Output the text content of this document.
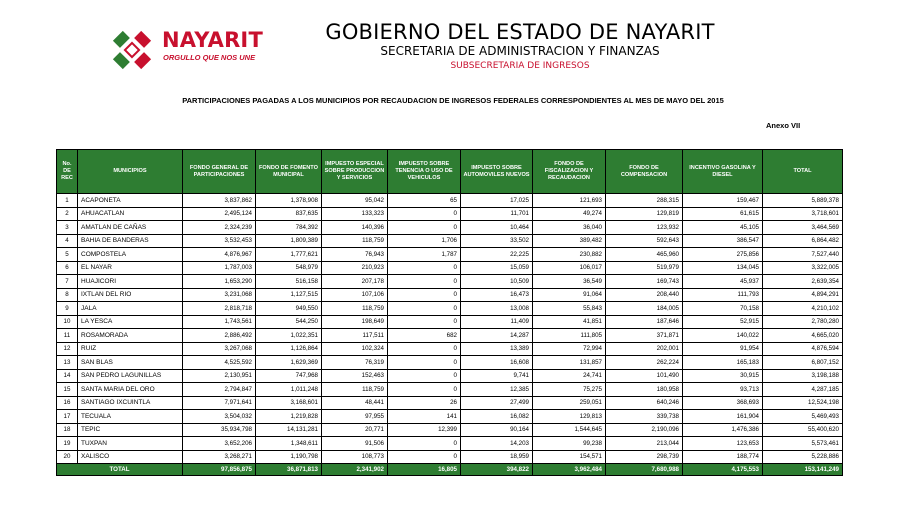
NAYARIT
ORGULLO QUE NOS UNE
GOBIERNO DEL ESTADO DE NAYARIT
SECRETARIA DE ADMINISTRACION Y FINANZAS
SUBSECRETARIA DE INGRESOS
PARTICIPACIONES PAGADAS A LOS MUNICIPIOS POR RECAUDACION DE INGRESOS FEDERALES CORRESPONDIENTES AL MES DE MAYO DEL 2015
Anexo VII
No. DE REC	MUNICIPIOS	FONDO GENERAL DE PARTICIPACIONES	FONDO DE FOMENTO MUNICIPAL	IMPUESTO ESPECIAL SOBRE PRODUCCION Y SERVICIOS	IMPUESTO SOBRE TENENCIA O USO DE VEHICULOS	IMPUESTO SOBRE AUTOMOVILES NUEVOS	FONDO DE FISCALIZACION Y RECAUDACION	FONDO DE COMPENSACION	INCENTIVO GASOLINA Y DIESEL	TOTAL
1	ACAPONETA	3,837,862	1,378,908	95,042	65	17,025	121,693	288,315	159,467	5,889,378
2	AHUACATLAN	2,495,124	837,635	133,323	0	11,701	49,274	129,819	61,615	3,718,601
3	AMATLAN DE CAÑAS	2,324,239	784,392	140,396	0	10,464	36,040	123,932	45,105	3,464,569
4	BAHIA DE BANDERAS	3,532,453	1,809,389	118,759	1,706	33,502	389,482	592,643	386,547	6,864,482
5	COMPOSTELA	4,876,967	1,777,621	76,943	1,787	22,225	230,882	465,960	275,856	7,527,440
6	EL NAYAR	1,787,003	548,979	210,923	0	15,059	106,017	519,979	134,045	3,322,005
7	HUAJICORI	1,653,290	516,158	207,178	0	10,509	36,549	169,743	45,937	2,639,354
8	IXTLAN DEL RIO	3,231,068	1,127,515	107,106	0	16,473	91,064	208,440	111,793	4,894,291
9	JALA	2,818,718	949,550	118,759	0	13,008	55,843	184,005	70,158	4,210,102
10	LA YESCA	1,743,561	544,250	198,649	0	11,409	41,851	187,646	52,915	2,780,280
11	ROSAMORADA	2,886,492	1,022,351	117,511	682	14,287	111,805	371,871	140,022	4,665,020
12	RUIZ	3,267,068	1,126,864	102,324	0	13,389	72,994	202,001	91,954	4,876,594
13	SAN BLAS	4,525,592	1,629,369	76,319	0	16,608	131,857	262,224	165,183	6,807,152
14	SAN PEDRO LAGUNILLAS	2,130,951	747,968	152,463	0	9,741	24,741	101,490	30,915	3,198,188
15	SANTA MARIA DEL ORO	2,794,847	1,011,248	118,759	0	12,385	75,275	180,958	93,713	4,287,185
16	SANTIAGO IXCUINTLA	7,971,641	3,168,601	48,441	26	27,499	259,051	640,246	368,693	12,524,198
17	TECUALA	3,504,032	1,219,828	97,955	141	16,082	129,813	339,738	161,904	5,469,493
18	TEPIC	35,934,798	14,131,281	20,771	12,399	90,164	1,544,645	2,190,096	1,476,386	55,400,620
19	TUXPAN	3,652,206	1,348,611	91,506	0	14,203	99,238	213,044	123,653	5,573,461
20	XALISCO	3,268,271	1,190,798	108,773	0	18,959	154,571	298,739	188,774	5,228,886
TOTAL		97,856,875	36,871,813	2,341,902	16,805	394,822	3,962,484	7,680,988	4,175,553	153,141,249
